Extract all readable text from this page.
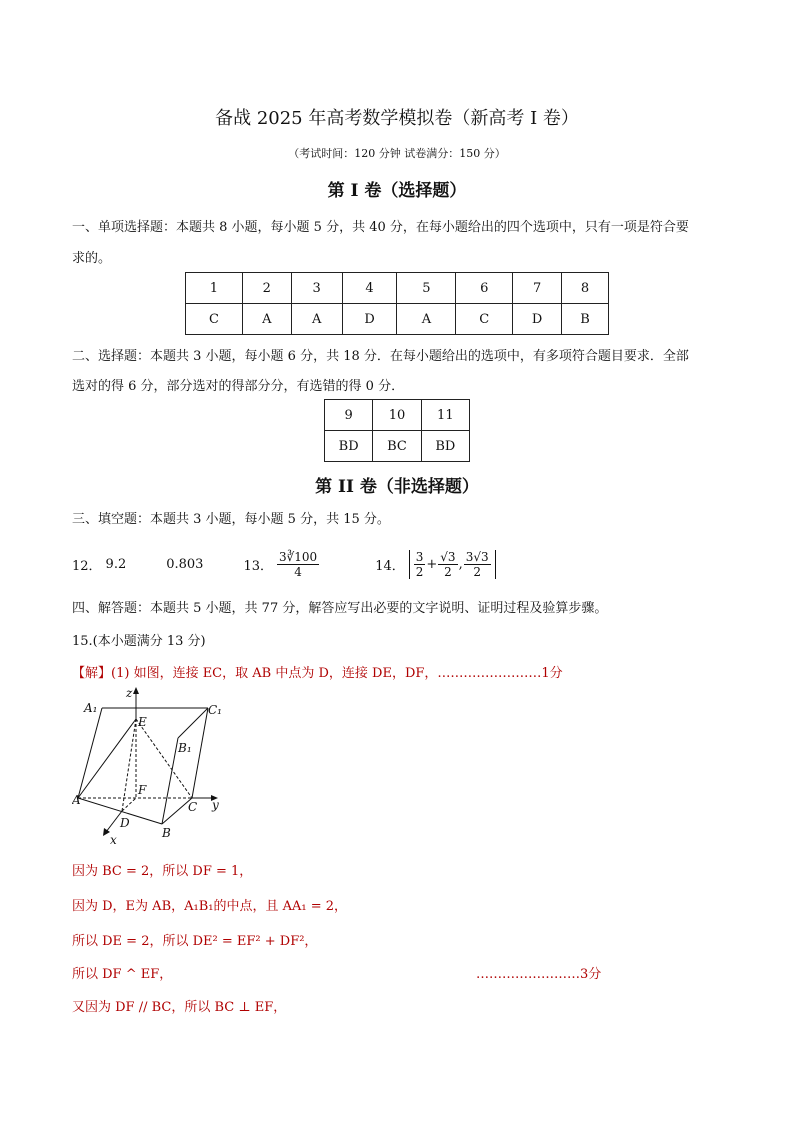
备战 2025 年高考数学模拟卷（新高考 I 卷）
（考试时间：120 分钟 试卷满分：150 分）
第 I 卷（选择题）
一、单项选择题：本题共 8 小题，每小题 5 分，共 40 分，在每小题给出的四个选项中，只有一项是符合要
求的。
1	2	3	4	5	6	7	8
C	A	A	D	A	C	D	B
二、选择题：本题共 3 小题，每小题 6 分，共 18 分．在每小题给出的选项中，有多项符合题目要求．全部
选对的得 6 分，部分选对的得部分分，有选错的得 0 分．
9	10	11
BD	BC	BD
第 II 卷（非选择题）
三、填空题：本题共 3 小题，每小题 5 分，共 15 分。
12． 9.2	0.803	13． $\frac{3∛100}{4}$	14． $\frac{3}{2} + \frac{√3}{2}$ , $\frac{3√3}{2}$
四、解答题：本题共 5 小题，共 77 分，解答应写出必要的文字说明、证明过程及验算步骤。
15.(本小题满分 13 分)
【解】(1) 如图，连接 EC，取 AB 中点为 D，连接 DE，DF，……………………1分
z
A₁
E
C₁
B₁
F
A	C y
D
B
x
因为 BC = 2，所以 DF = 1，
因为 D，E为 AB，A₁B₁的中点，且 AA₁ = 2，
所以 DE = 2，所以 DE² = EF² + DF²，
所以 DF ^ EF，	……………………3分
又因为 DF // BC，所以 BC ⊥ EF，
